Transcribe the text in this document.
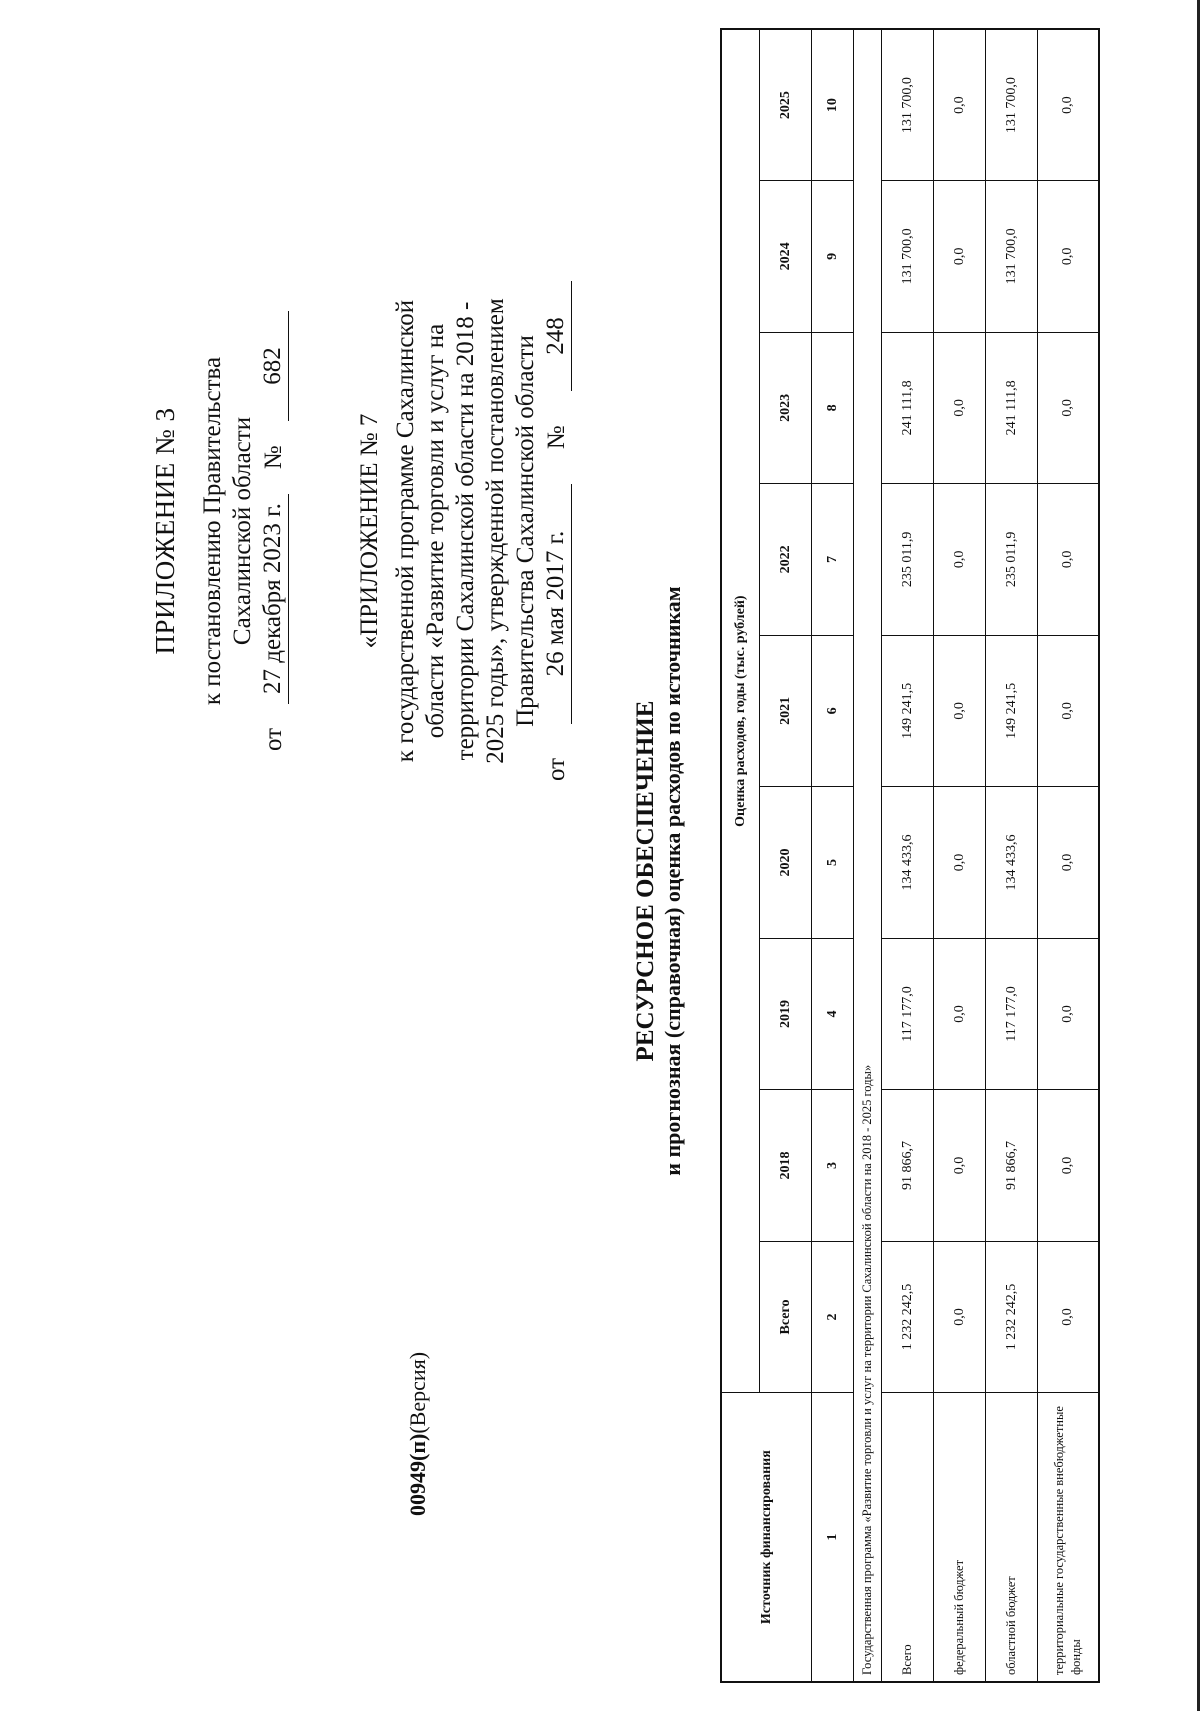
ПРИЛОЖЕНИЕ № 3 к постановлению Правительства Сахалинской области
от
27 декабря 2023 г.
№
682
«ПРИЛОЖЕНИЕ № 7 к государственной программе Сахалинской области «Развитие торговли и услуг на территории Сахалинской области на 2018 - 2025 годы», утвержденной постановлением Правительства Сахалинской области
от
26 мая 2017 г.
№
248
РЕСУРСНОЕ ОБЕСПЕЧЕНИЕ и прогнозная (справочная) оценка расходов по источникам
Источник финансирования	Оценка расходов, годы (тыс. рублей)								
	Всего	2018	2019	2020	2021	2022	2023	2024	2025
1	2	3	4	5	6	7	8	9	10
Государственная программа «Развитие торговли и услуг на территории Сахалинской области на 2018 - 2025 годы»									
Всего	1 232 242,5	91 866,7	117 177,0	134 433,6	149 241,5	235 011,9	241 111,8	131 700,0	131 700,0
федеральный бюджет	0,0	0,0	0,0	0,0	0,0	0,0	0,0	0,0	0,0
областной бюджет	1 232 242,5	91 866,7	117 177,0	134 433,6	149 241,5	235 011,9	241 111,8	131 700,0	131 700,0
территориальные государственные внебюджетные фонды	0,0	0,0	0,0	0,0	0,0	0,0	0,0	0,0	0,0
00949(п)(Версия)
